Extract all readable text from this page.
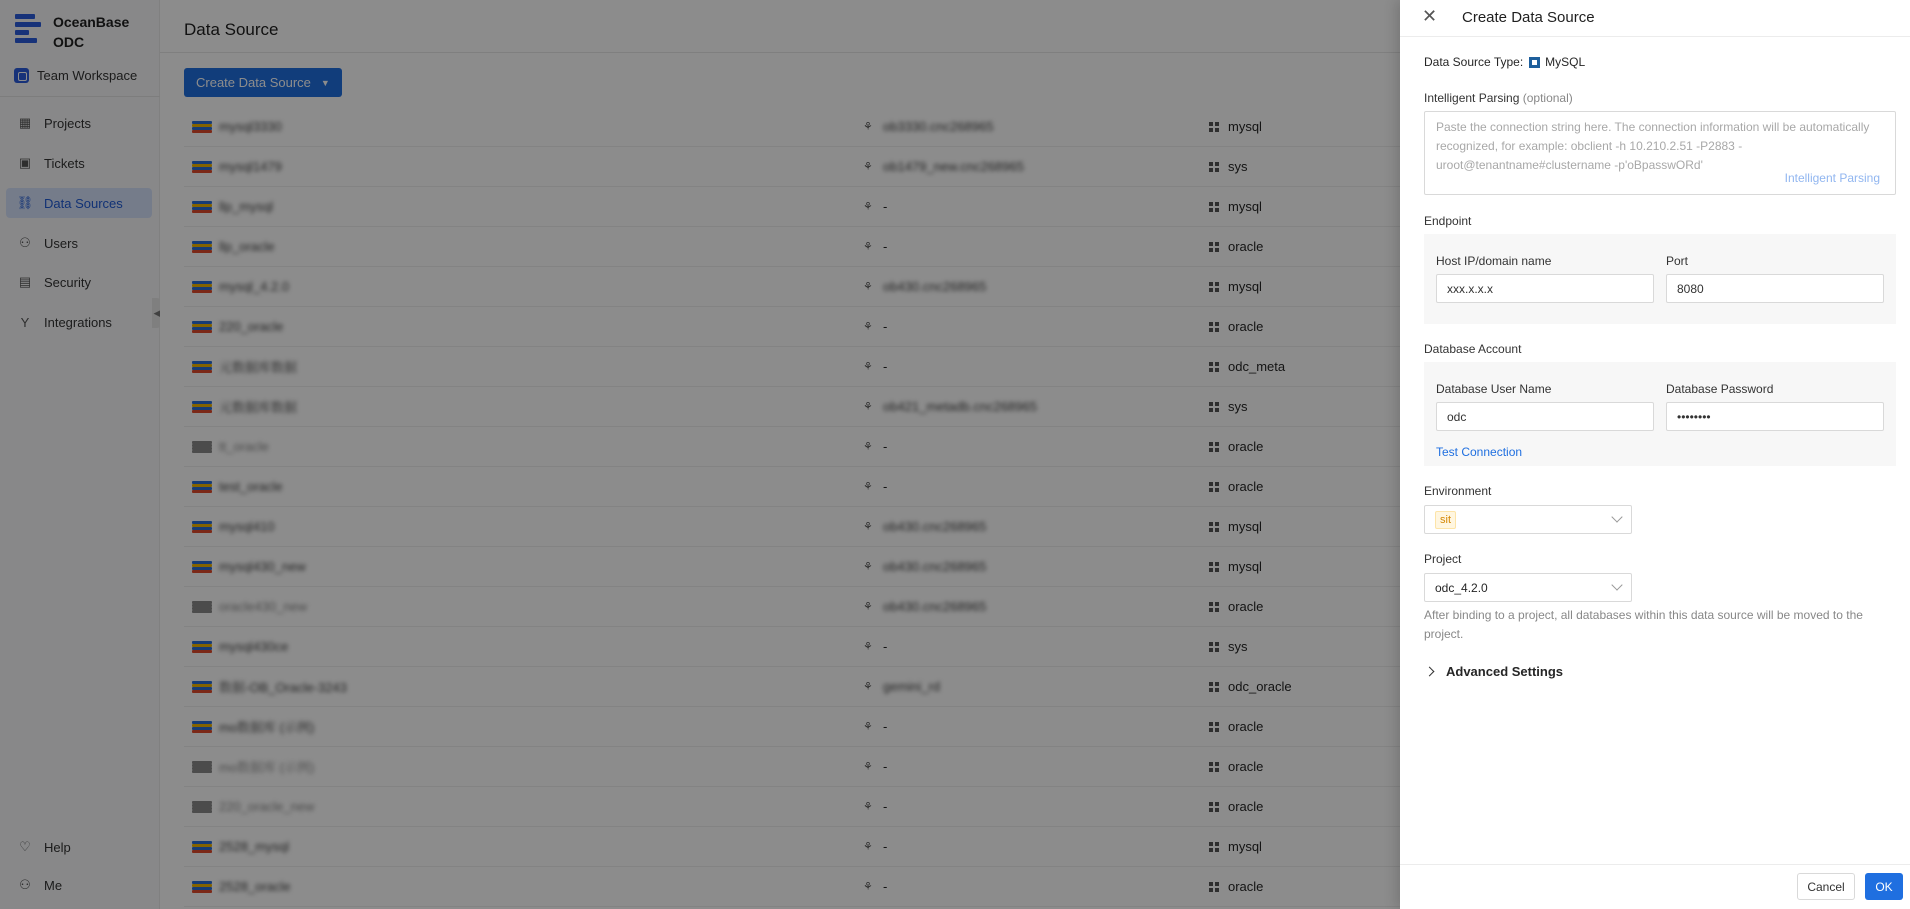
OceanBase
ODC
Team Workspace
▦ Projects
▣ Tickets
⛓ Data Sources
⚇ Users
▤ Security
Y	Integrations
♡ Help
⚇ Me
◀
Data Source
Create Data Source ▼
mysql3330	⚘ ob3330.cnc268965	mysql
mysql1479	⚘ ob1479_new.cnc268965	sys
llp_mysql	⚘ -	mysql
llp_oracle	⚘ -	oracle
mysql_4.2.0	⚘ ob430.cnc268965	mysql
220_oracle	⚘ -	oracle
元数据库数据	⚘ -	odc_meta
元数据库数据	⚘ ob421_metadb.cnc268965	sys
tt_oracle	⚘ -	oracle
test_oracle	⚘ -	oracle
mysql410	⚘ ob430.cnc268965	mysql
mysql430_new	⚘ ob430.cnc268965	mysql
oracle430_new	⚘ ob430.cnc268965	oracle
mysql430ce	⚘ -	sys
数据-OB_Oracle-3243	⚘ gemini_rd	odc_oracle
mo数据库 (示例)	⚘ -	oracle
mo数据库 (示例)	⚘ -	oracle
220_oracle_new	⚘ -	oracle
2528_mysql	⚘ -	mysql
2528_oracle	⚘ -	oracle
✕ Create Data Source
Data Source Type: MySQL
Intelligent Parsing (optional)
Paste the connection string here. The connection information will be automatically recognized, for example: obclient -h 10.210.2.51 -P2883 -uroot@tenantname#clustername -p'oBpasswORd'
Intelligent Parsing
Endpoint
Host IP/domain name
xxx.x.x.x
Port
8080
Database Account
Database User Name
odc
Database Password
••••••••
Test Connection
Environment
sit
Project
odc_4.2.0
After binding to a project, all databases within this data source will be moved to the project.
Advanced Settings
Cancel	OK
